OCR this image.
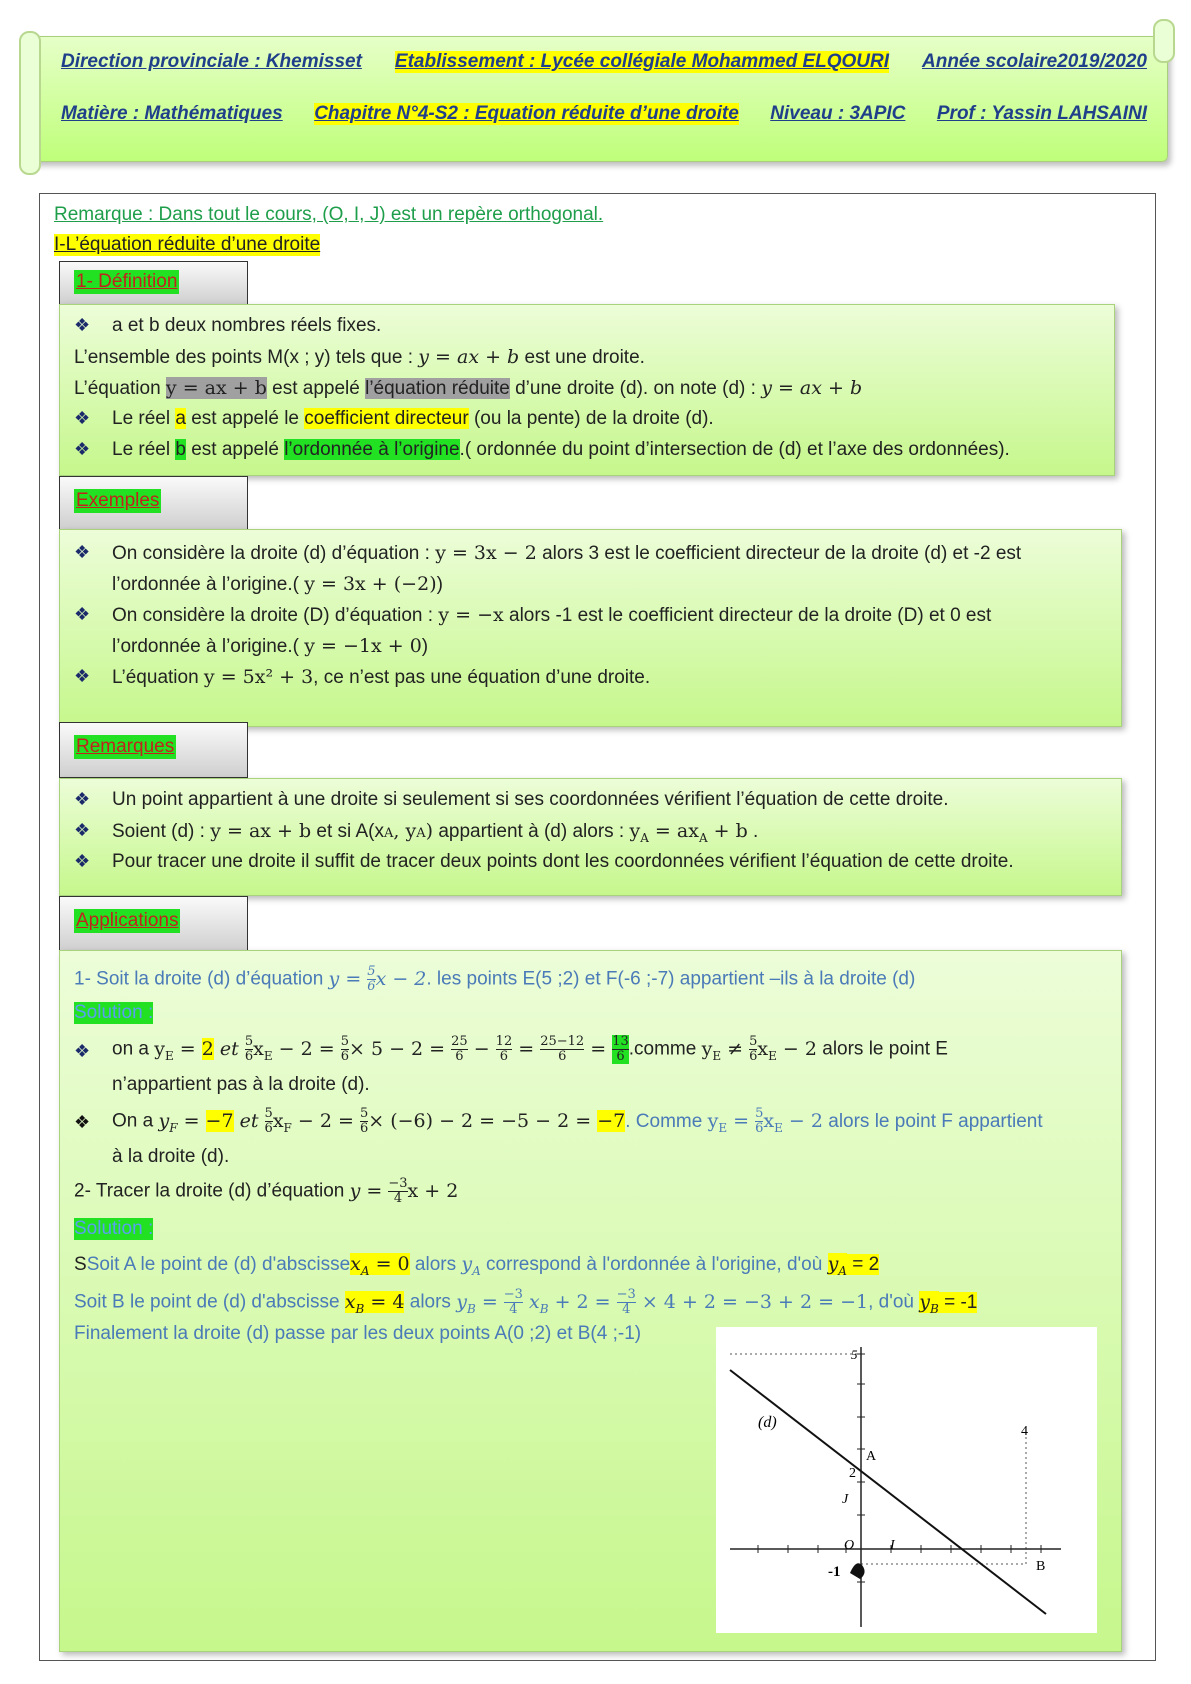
Direction provinciale : Khemisset Etablissement : Lycée collégiale Mohammed ELQOURI Année scolaire2019/2020
Matière : Mathématiques Chapitre N°4-S2 : Equation réduite d’une droite Niveau : 3APIC Prof : Yassin LAHSAINI
Remarque : Dans tout le cours, (O, I, J) est un repère orthogonal.
I-L’équation réduite d’une droite
1- Définition
❖ a et b deux nombres réels fixes.
L’ensemble des points M(x ; y) tels que : y = ax + b est une droite.
L’équation y = ax + b est appelé l’équation réduite d’une droite (d). on note (d) : y = ax + b
❖ Le réel a est appelé le coefficient directeur (ou la pente) de la droite (d).
❖ Le réel b est appelé l’ordonnée à l’origine.( ordonnée du point d’intersection de (d) et l’axe des ordonnées).
Exemples
❖ On considère la droite (d) d’équation : y = 3x − 2 alors 3 est le coefficient directeur de la droite (d) et -2 est
l’ordonnée à l’origine.( y = 3x + (−2))
❖ On considère la droite (D) d’équation : y = −x alors -1 est le coefficient directeur de la droite (D) et 0 est
l’ordonnée à l’origine.( y = −1x + 0)
❖ L’équation y = 5x² + 3, ce n’est pas une équation d’une droite.
Remarques
❖ Un point appartient à une droite si seulement si ses coordonnées vérifient l’équation de cette droite.
❖ Soient (d) : y = ax + b et si A(xA, yA) appartient à (d) alors : $y_A = ax_A + b$ .
❖ Pour tracer une droite il suffit de tracer deux points dont les coordonnées vérifient l’équation de cette droite.
Applications
1- Soit la droite (d) d’équation $y = \frac{5}{6}$ x − 2. les points E(5 ;2) et F(-6 ;-7) appartient –ils à la droite (d)
Solution :
❖ on a $y_E = 2$ et $\frac{5}{6} x_E - 2 = \frac{5}{6} \times 5 - 2 = \frac{25}{6} - \frac{12}{6} = \frac{25-12}{6} = \frac{13}{6}$ .comme $y_E \ne \frac{5}{6} x_E - 2$ alors le point E
n’appartient pas à la droite (d).
❖ On a $y_F = -7$ et $\frac{5}{6} x_F - 2 = \frac{5}{6} \times (-6) - 2 = -5 - 2 = -7$. Comme $y_E = \frac{5}{6} x_E - 2$ alors le point F appartient
à la droite (d).
2- Tracer la droite (d) d’équation $y = \frac{-3}{4}$ x + 2
Solution :
SSoit A le point de (d) d'abscissex$_A$ = 0 alors $y_A$ correspond à l'ordonnée à l'origine, d'où $y_A = 2$
Soit B le point de (d) d'abscisse $x_B = 4$ alors $y_B = \frac{-3}{4} x_B + 2 = \frac{-3}{4} \times 4 + 2 = -3 + 2 = -1$, d'où $y_B = -1$
Finalement la droite (d) passe par les deux points A(0 ;2) et B(4 ;-1)
(d)
A
B
O	I
J
5
2
4
-1
